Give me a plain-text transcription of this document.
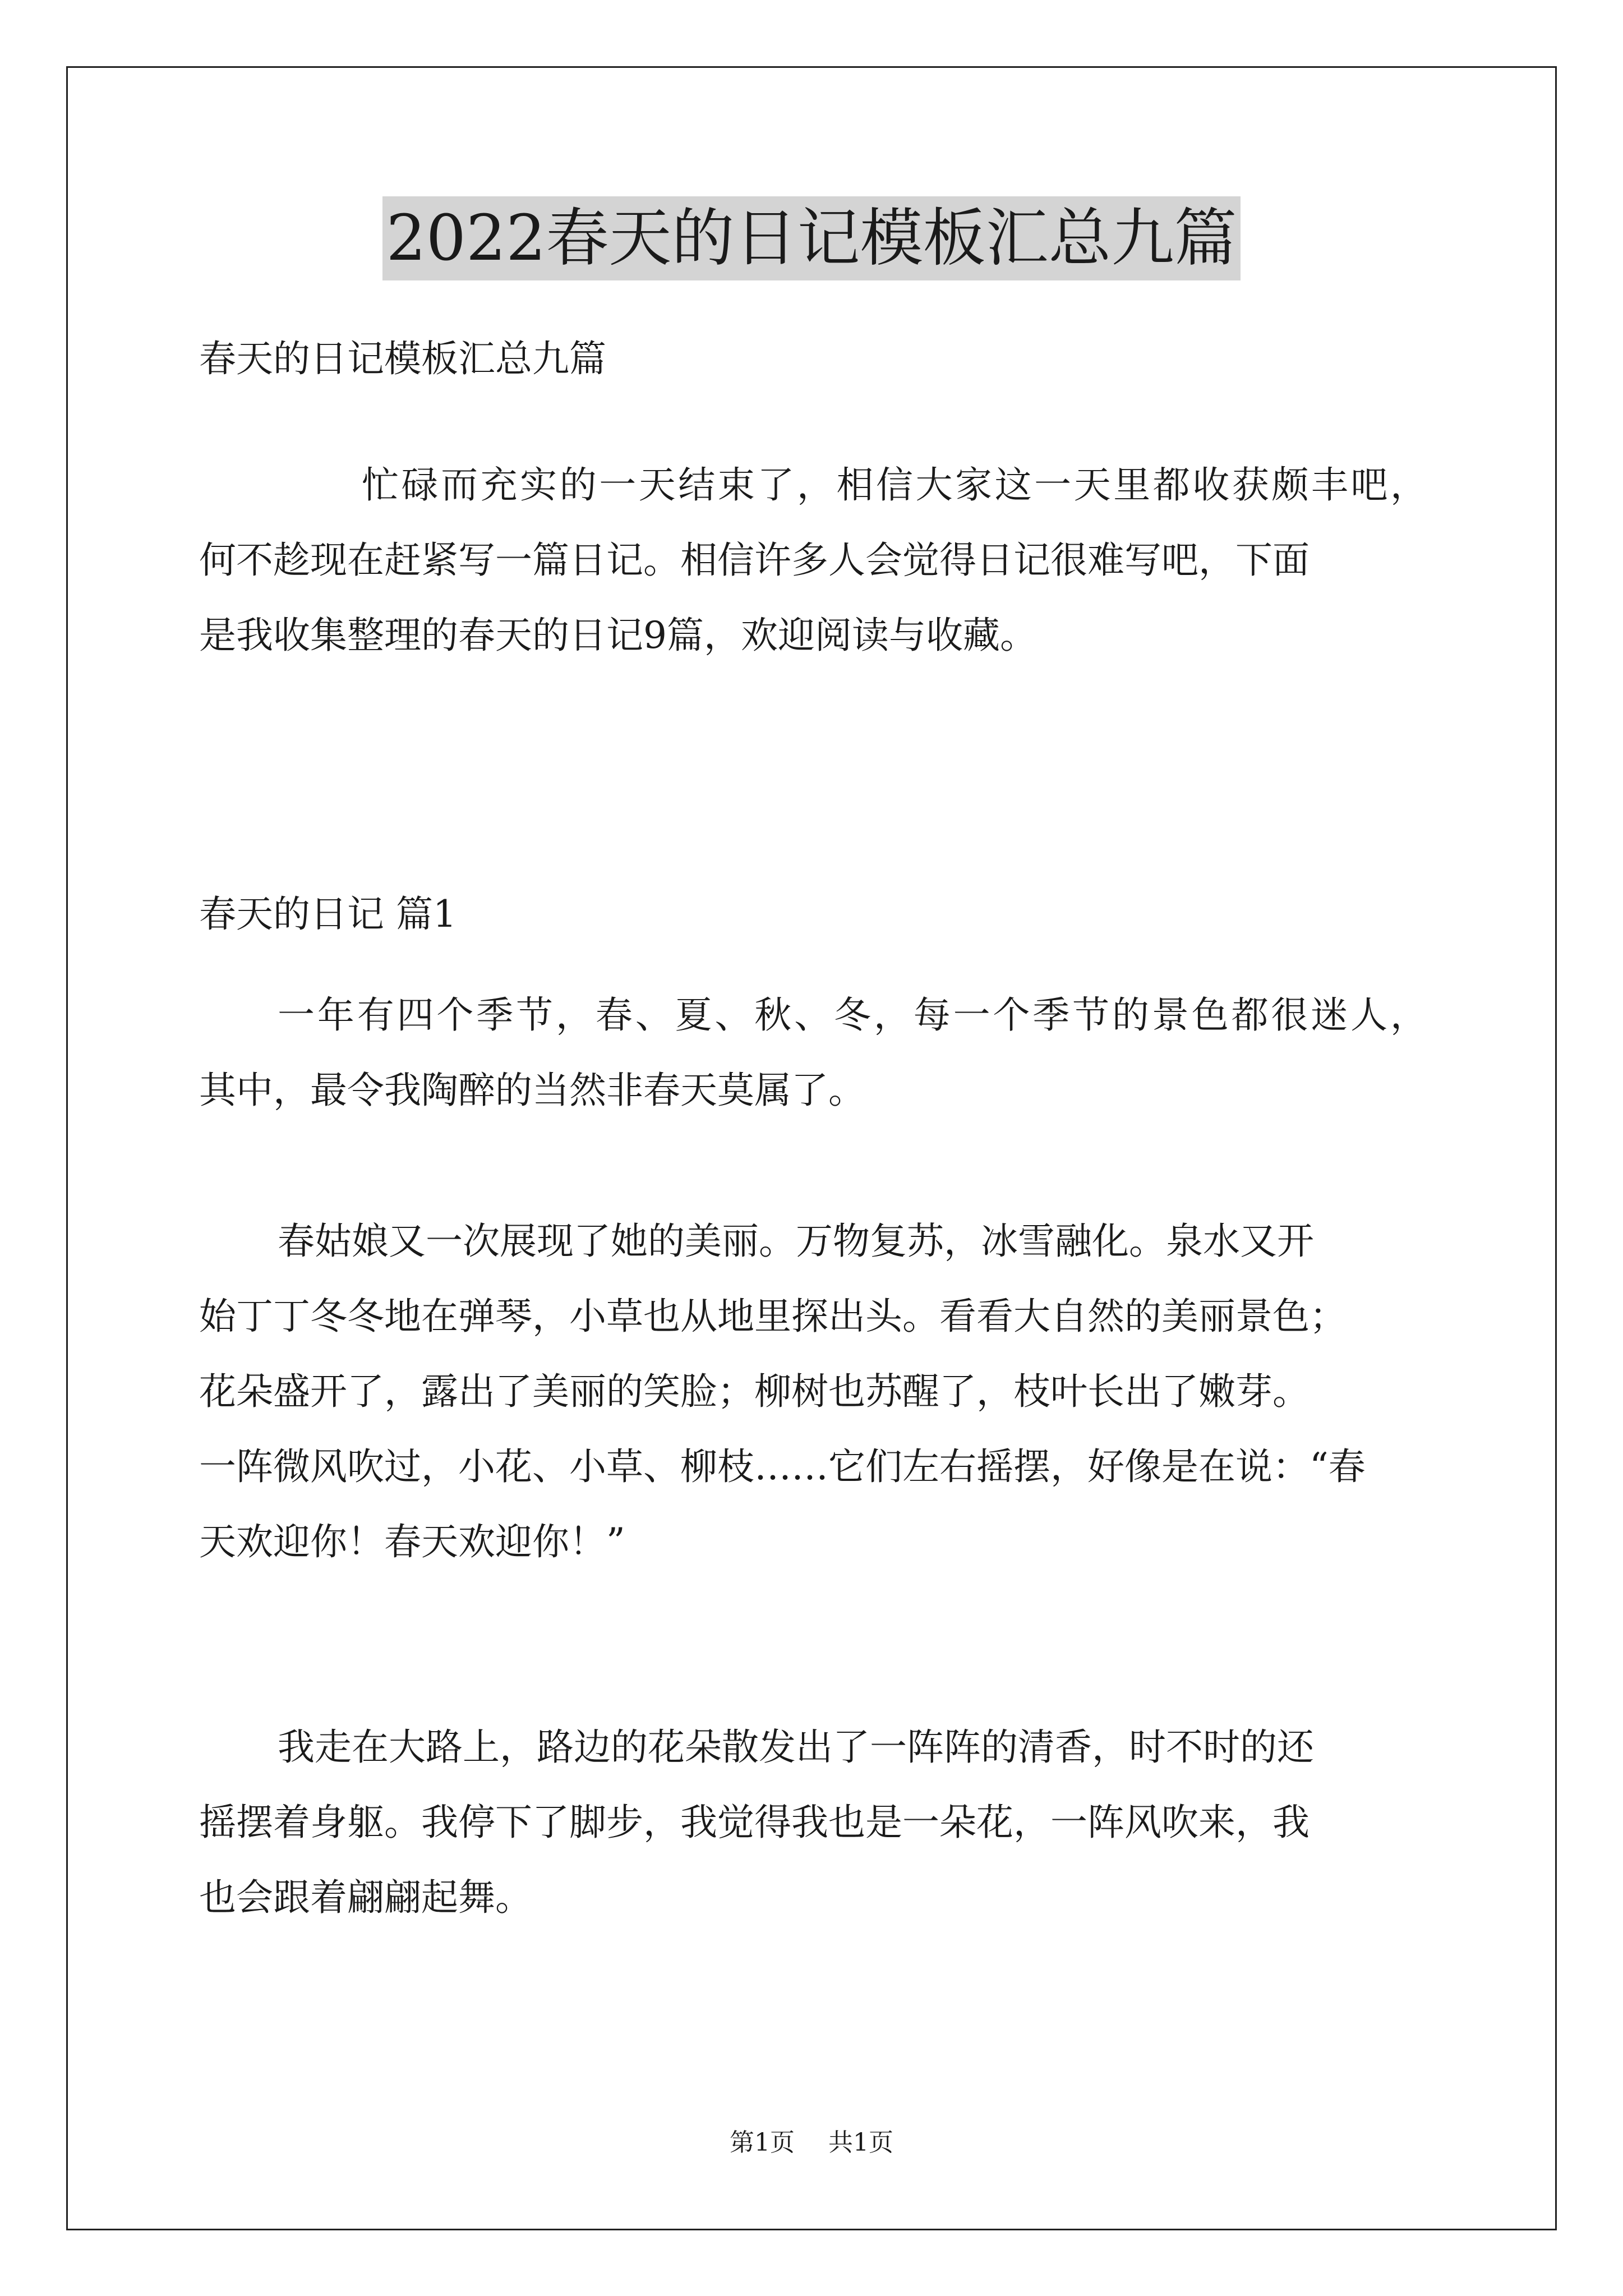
2022春天的日记模板汇总九篇
春天的日记模板汇总九篇
忙碌而充实的一天结束了，相信大家这一天里都收获颇丰吧，
何不趁现在赶紧写一篇日记。相信许多人会觉得日记很难写吧，下面
是我收集整理的春天的日记9篇，欢迎阅读与收藏。
春天的日记 篇1
一年有四个季节，春、夏、秋、冬，每一个季节的景色都很迷人，
其中，最令我陶醉的当然非春天莫属了。
春姑娘又一次展现了她的美丽。万物复苏，冰雪融化。泉水又开
始丁丁冬冬地在弹琴，小草也从地里探出头。看看大自然的美丽景色；
花朵盛开了，露出了美丽的笑脸；柳树也苏醒了，枝叶长出了嫩芽。
一阵微风吹过，小花、小草、柳枝……它们左右摇摆，好像是在说：“春
天欢迎你！春天欢迎你！”
我走在大路上，路边的花朵散发出了一阵阵的清香，时不时的还
摇摆着身躯。我停下了脚步，我觉得我也是一朵花，一阵风吹来，我
也会跟着翩翩起舞。
第1页 共1页
